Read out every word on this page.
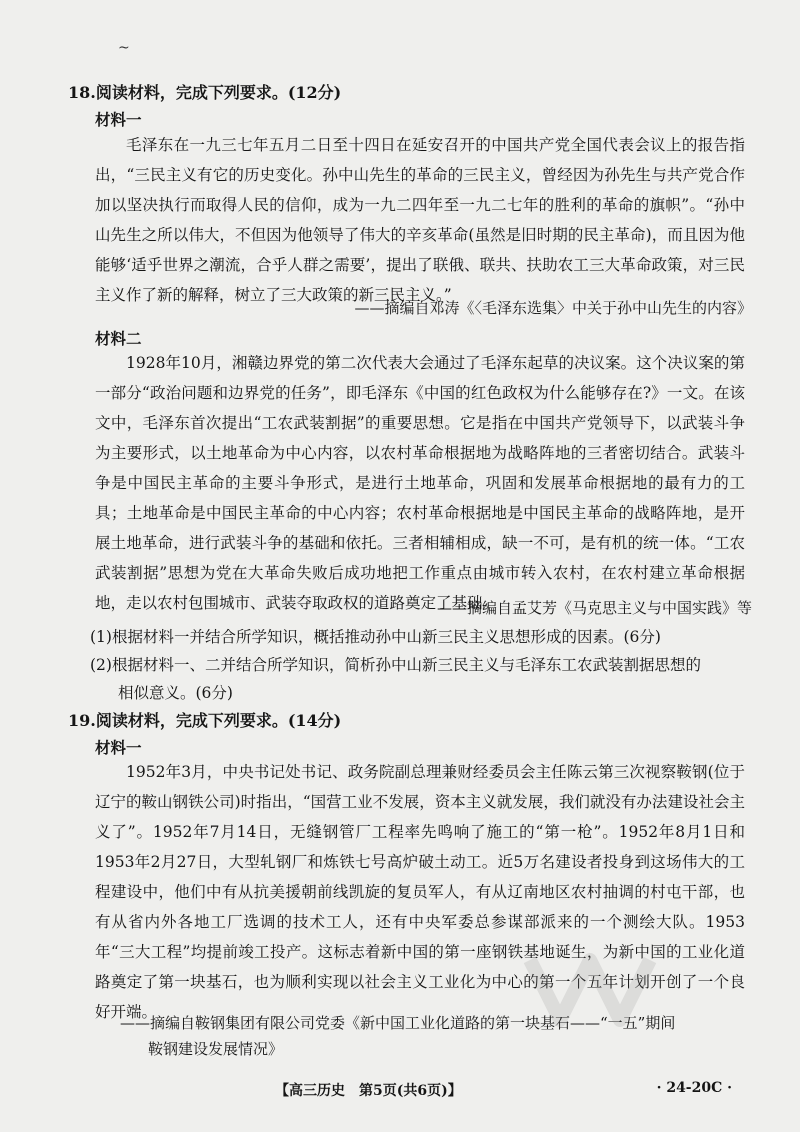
~
18.阅读材料，完成下列要求。(12分)
材料一
毛泽东在一九三七年五月二日至十四日在延安召开的中国共产党全国代表会议上的报告指出，“三民主义有它的历史变化。孙中山先生的革命的三民主义，曾经因为孙先生与共产党合作加以坚决执行而取得人民的信仰，成为一九二四年至一九二七年的胜利的革命的旗帜”。“孙中山先生之所以伟大，不但因为他领导了伟大的辛亥革命(虽然是旧时期的民主革命)，而且因为他能够‘适乎世界之潮流，合乎人群之需要’，提出了联俄、联共、扶助农工三大革命政策，对三民主义作了新的解释，树立了三大政策的新三民主义。”
——摘编自邓涛《〈毛泽东选集〉中关于孙中山先生的内容》
材料二
1928年10月，湘赣边界党的第二次代表大会通过了毛泽东起草的决议案。这个决议案的第一部分“政治问题和边界党的任务”，即毛泽东《中国的红色政权为什么能够存在?》一文。在该文中，毛泽东首次提出“工农武装割据”的重要思想。它是指在中国共产党领导下，以武装斗争为主要形式，以土地革命为中心内容，以农村革命根据地为战略阵地的三者密切结合。武装斗争是中国民主革命的主要斗争形式，是进行土地革命，巩固和发展革命根据地的最有力的工具；土地革命是中国民主革命的中心内容；农村革命根据地是中国民主革命的战略阵地，是开展土地革命，进行武装斗争的基础和依托。三者相辅相成，缺一不可，是有机的统一体。“工农武装割据”思想为党在大革命失败后成功地把工作重点由城市转入农村，在农村建立革命根据地，走以农村包围城市、武装夺取政权的道路奠定了基础。
——摘编自孟艾芳《马克思主义与中国实践》等
(1)根据材料一并结合所学知识，概括推动孙中山新三民主义思想形成的因素。(6分)
(2)根据材料一、二并结合所学知识，简析孙中山新三民主义与毛泽东工农武装割据思想的
相似意义。(6分)
19.阅读材料，完成下列要求。(14分)
材料一
1952年3月，中央书记处书记、政务院副总理兼财经委员会主任陈云第三次视察鞍钢(位于辽宁的鞍山钢铁公司)时指出，“国营工业不发展，资本主义就发展，我们就没有办法建设社会主义了”。1952年7月14日，无缝钢管厂工程率先鸣响了施工的“第一枪”。1952年8月1日和1953年2月27日，大型轧钢厂和炼铁七号高炉破土动工。近5万名建设者投身到这场伟大的工程建设中，他们中有从抗美援朝前线凯旋的复员军人，有从辽南地区农村抽调的村屯干部，也有从省内外各地工厂选调的技术工人，还有中央军委总参谋部派来的一个测绘大队。1953年“三大工程”均提前竣工投产。这标志着新中国的第一座钢铁基地诞生，为新中国的工业化道路奠定了第一块基石，也为顺利实现以社会主义工业化为中心的第一个五年计划开创了一个良好开端。
——摘编自鞍钢集团有限公司党委《新中国工业化道路的第一块基石——“一五”期间
鞍钢建设发展情况》
【高三历史　第5页(共6页)】	· 24-20C ·
